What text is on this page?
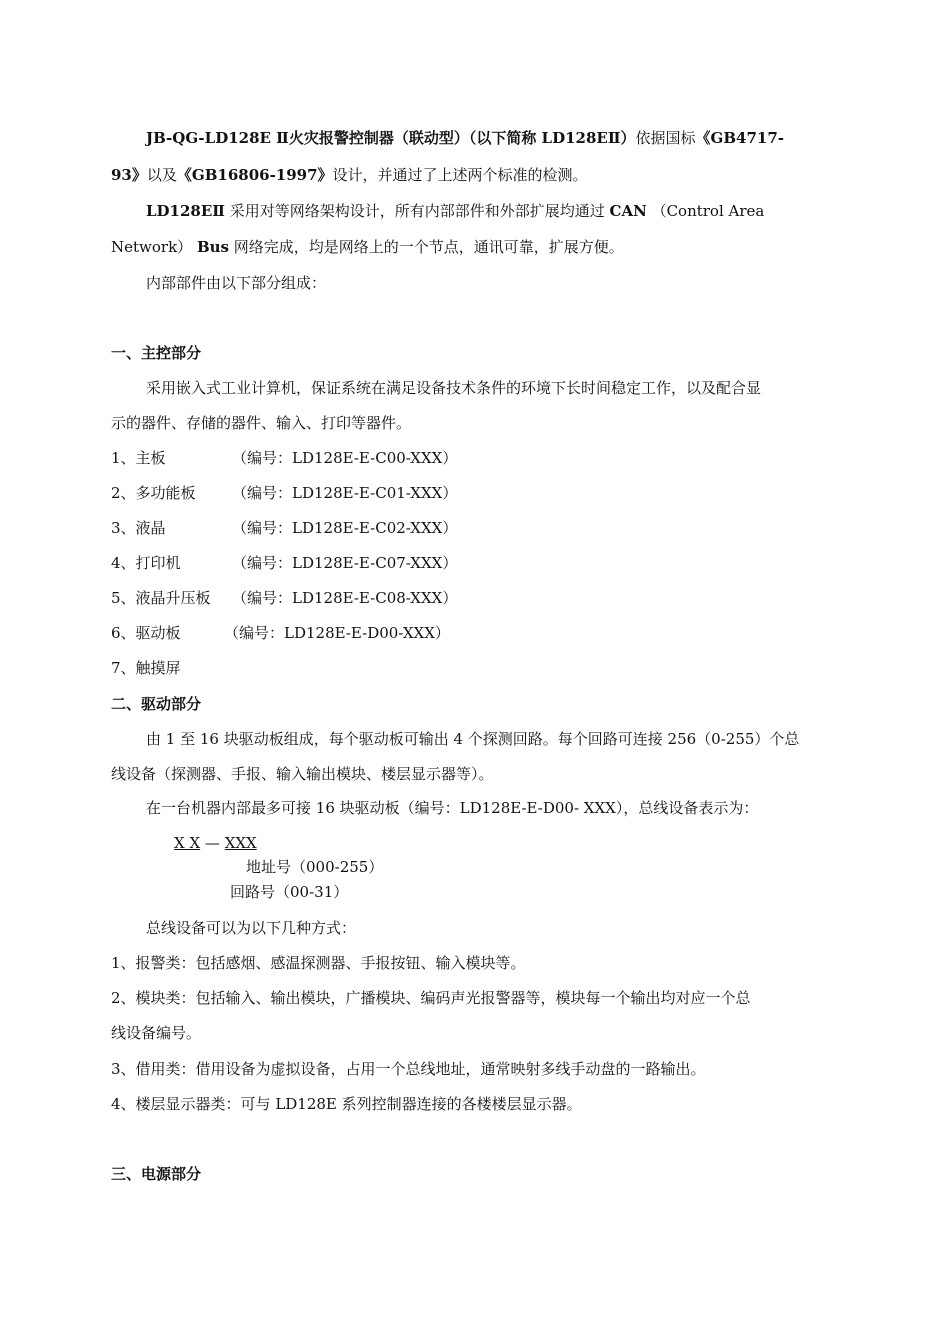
JB-QG-LD128E Ⅱ火灾报警控制器（联动型）（以下简称 LD128EⅡ）依据国标《GB4717-
93》以及《GB16806-1997》设计，并通过了上述两个标准的检测。
LD128EⅡ 采用对等网络架构设计，所有内部部件和外部扩展均通过 CAN （Control Area
Network） Bus 网络完成，均是网络上的一个节点，通讯可靠，扩展方便。
内部部件由以下部分组成：
一、主控部分
采用嵌入式工业计算机，保证系统在满足设备技术条件的环境下长时间稳定工作，以及配合显
示的器件、存储的器件、输入、打印等器件。
1、主板	（编号：LD128E-E-C00-XXX）
2、多功能板 （编号：LD128E-E-C01-XXX）
3、液晶	（编号：LD128E-E-C02-XXX）
4、打印机	（编号：LD128E-E-C07-XXX）
5、液晶升压板 （编号：LD128E-E-C08-XXX）
6、驱动板	（编号：LD128E-E-D00-XXX）
7、触摸屏
二、驱动部分
由 1 至 16 块驱动板组成，每个驱动板可输出 4 个探测回路。每个回路可连接 256（0-255）个总
线设备（探测器、手报、输入输出模块、楼层显示器等）。
在一台机器内部最多可接 16 块驱动板（编号：LD128E-E-D00- XXX），总线设备表示为：
X X — XXX
地址号（000-255）
回路号（00-31）
总线设备可以为以下几种方式：
1、报警类：包括感烟、感温探测器、手报按钮、输入模块等。
2、模块类：包括输入、输出模块，广播模块、编码声光报警器等，模块每一个输出均对应一个总
线设备编号。
3、借用类：借用设备为虚拟设备，占用一个总线地址，通常映射多线手动盘的一路输出。
4、楼层显示器类：可与 LD128E 系列控制器连接的各楼楼层显示器。
三、电源部分
